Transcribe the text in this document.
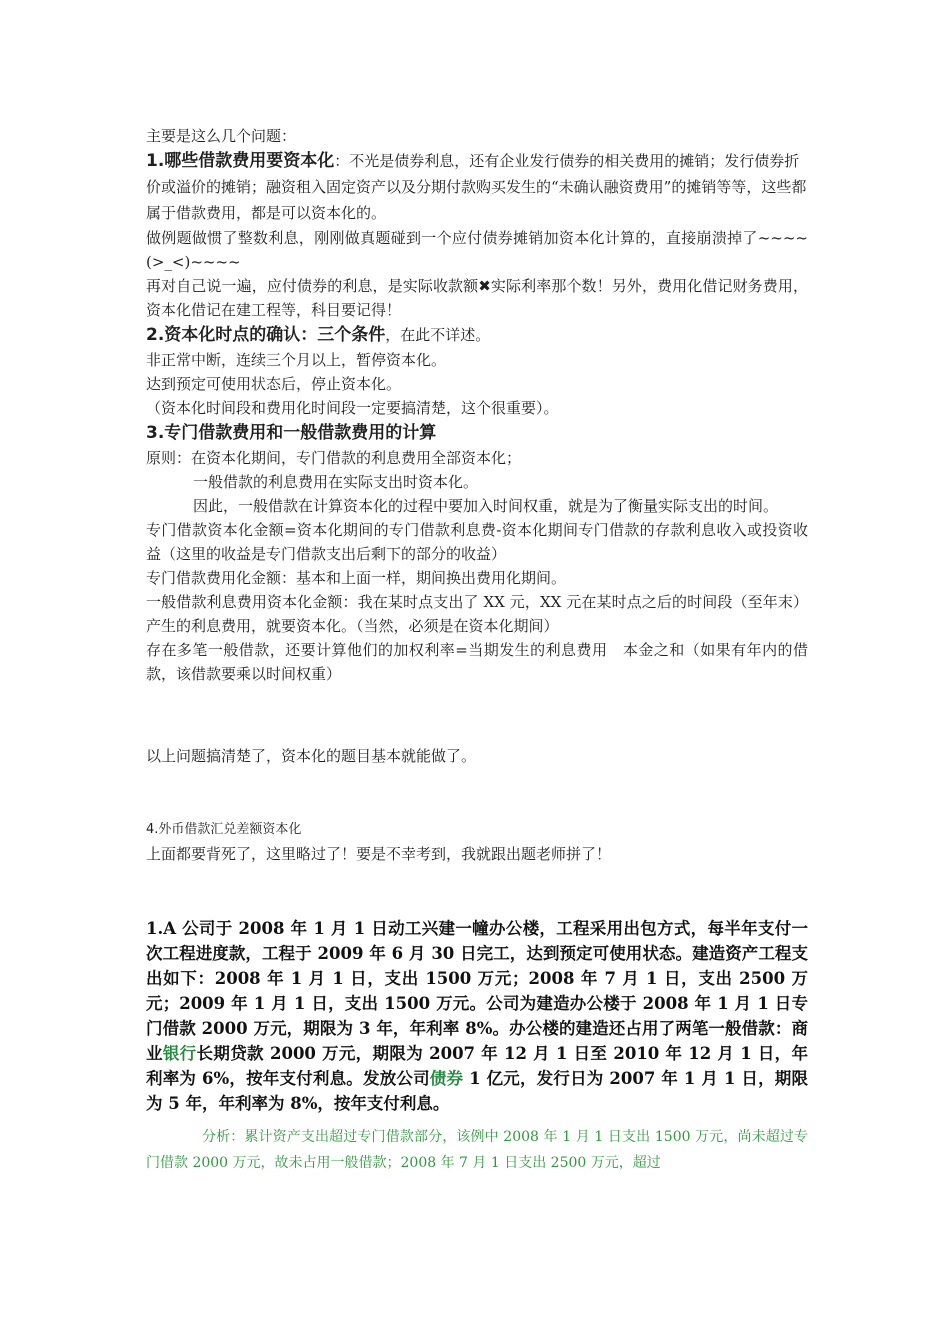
主要是这么几个问题：

1.哪些借款费用要资本化：不光是债券利息，还有企业发行债券的相关费用的摊销；发行债券折价或溢价的摊销；融资租入固定资产以及分期付款购买发生的“未确认融资费用”的摊销等等，这些都属于借款费用，都是可以资本化的。

做例题做惯了整数利息，刚刚做真题碰到一个应付债券摊销加资本化计算的，直接崩溃掉了~~~~(>_<)~~~~

再对自己说一遍，应付债券的利息，是实际收款额✖实际利率那个数！另外，费用化借记财务费用，资本化借记在建工程等，科目要记得！

2.资本化时点的确认：三个条件，在此不详述。

非正常中断，连续三个月以上，暂停资本化。

达到预定可使用状态后，停止资本化。

（资本化时间段和费用化时间段一定要搞清楚，这个很重要）。

3.专门借款费用和一般借款费用的计算

原则：在资本化期间，专门借款的利息费用全部资本化；

一般借款的利息费用在实际支出时资本化。

因此，一般借款在计算资本化的过程中要加入时间权重，就是为了衡量实际支出的时间。

专门借款资本化金额=资本化期间的专门借款利息费-资本化期间专门借款的存款利息收入或投资收益（这里的收益是专门借款支出后剩下的部分的收益）

专门借款费用化金额：基本和上面一样，期间换出费用化期间。

一般借款利息费用资本化金额：我在某时点支出了 XX 元，XX 元在某时点之后的时间段（至年末）产生的利息费用，就要资本化。（当然，必须是在资本化期间）

存在多笔一般借款，还要计算他们的加权利率=当期发生的利息费用　本金之和（如果有年内的借款，该借款要乘以时间权重）

以上问题搞清楚了，资本化的题目基本就能做了。

4.外币借款汇兑差额资本化

上面都要背死了，这里略过了！要是不幸考到，我就跟出题老师拼了！

1.A 公司于 2008 年 1 月 1 日动工兴建一幢办公楼，工程采用出包方式，每半年支付一次工程进度款，工程于 2009 年 6 月 30 日完工，达到预定可使用状态。建造资产工程支出如下：2008 年 1 月 1 日，支出 1500 万元；2008 年 7 月 1 日，支出 2500 万元；2009 年 1 月 1 日，支出 1500 万元。公司为建造办公楼于 2008 年 1 月 1 日专门借款 2000 万元，期限为 3 年，年利率 8%。办公楼的建造还占用了两笔一般借款：商业银行长期贷款 2000 万元，期限为 2007 年 12 月 1 日至 2010 年 12 月 1 日，年利率为 6%，按年支付利息。发放公司债券 1 亿元，发行日为 2007 年 1 月 1 日，期限为 5 年，年利率为 8%，按年支付利息。

分析：累计资产支出超过专门借款部分，该例中 2008 年 1 月 1 日支出 1500 万元，尚未超过专门借款 2000 万元，故未占用一般借款；2008 年 7 月 1 日支出 2500 万元，超过
